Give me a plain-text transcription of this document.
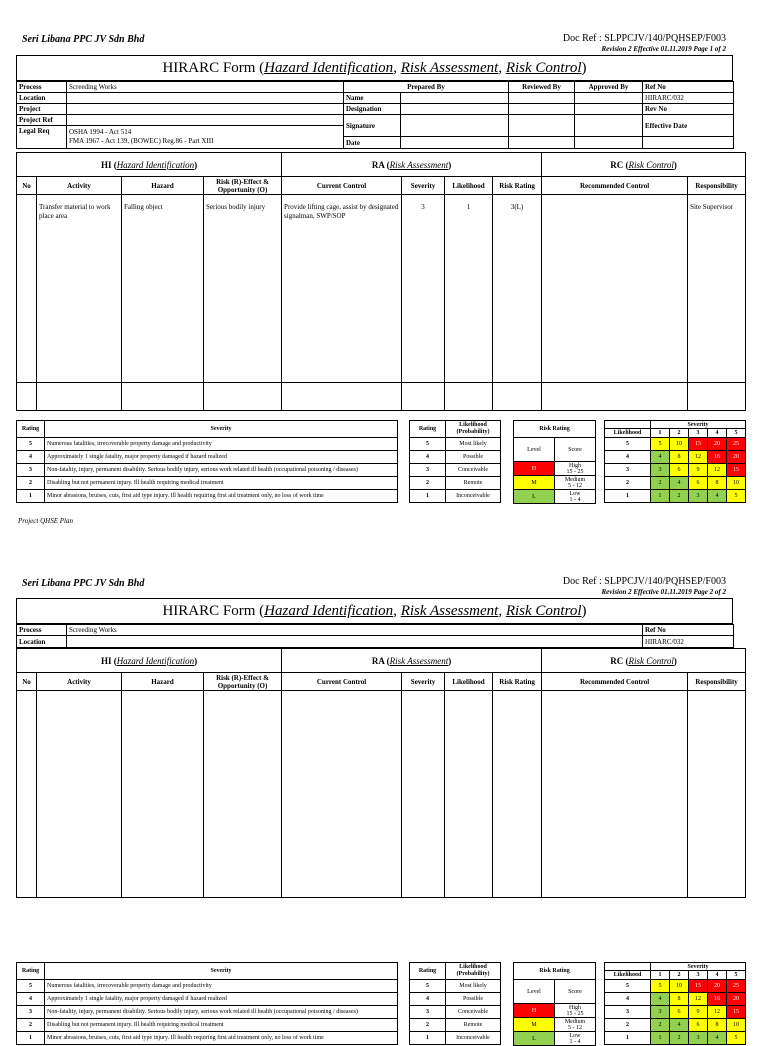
Seri Libana PPC JV Sdn Bhd	Doc Ref : SLPPCJV/140/PQHSEP/F003
Revision 2 Effective 01.11.2019 Page 1 of 2
HIRARC Form (Hazard Identification, Risk Assessment, Risk Control)
Process	Screeding Works	Prepared By		Reviewed By	Approved By	Ref No
Location		Name				HIRARC/032
Project		Designation				Rev No
Project Ref		Signature				Effective Date
Legal Req	OSHA 1994 - Act 514
FMA 1967 - Act 139, (BOWEC) Reg.86 - Part XIII					
		Date				
HI (Hazard Identification)				RA (Risk Assessment)				RC (Risk Control)	
No	Activity	Hazard	Risk (R)-Effect &
Opportunity (O)	Current Control	Severity	Likelihood	Risk Rating	Recommended Control	Responsibility
	Transfer material to work place area	Falling object	Serious bodily injury	Provide lifting cage, assist by designated signalman, SWP/SOP	3	1	3(L)		Site Supervisor

Rating	Severity
5	Numerous fatalities, irrecoverable property damage and productivity
4	Approximately 1 single fatality, major property damaged if hazard realized
3	Non-fatality, injury, permanent disability. Serious bodily injury, serious work related ill health (occupational poisoning / diseases)
2	Disabling but not permanent injury. Ill health requiring medical treatment
1	Minor abrasions, bruises, cuts, first aid type injury. Ill health requiring first aid treatment only, no loss of work time
Rating	Likelihood
(Probability)
5	Most likely
4	Possible
3	Conceivable
2	Remote
1	Inconceivable
Risk Rating	
Level	Score
H	High
15 - 25
M	Medium
5 - 12
L	Low
1 - 4
	Severity				
Likelihood	1	2	3	4	5
5	5	10	15	20	25
4	4	8	12	16	20
3	3	6	9	12	15
2	2	4	6	8	10
1	1	2	3	4	5
Project QHSE Plan
Seri Libana PPC JV Sdn Bhd	Doc Ref : SLPPCJV/140/PQHSEP/F003
Revision 2 Effective 01.11.2019 Page 2 of 2
HIRARC Form (Hazard Identification, Risk Assessment, Risk Control)
Process	Screeding Works	Ref No
Location		HIRARC/032
HI (Hazard Identification)				RA (Risk Assessment)				RC (Risk Control)	
No	Activity	Hazard	Risk (R)-Effect &
Opportunity (O)	Current Control	Severity	Likelihood	Risk Rating	Recommended Control	Responsibility

Rating	Severity
5	Numerous fatalities, irrecoverable property damage and productivity
4	Approximately 1 single fatality, major property damaged if hazard realized
3	Non-fatality, injury, permanent disability. Serious bodily injury, serious work related ill health (occupational poisoning / diseases)
2	Disabling but not permanent injury. Ill health requiring medical treatment
1	Minor abrasions, bruises, cuts, first aid type injury. Ill health requiring first aid treatment only, no loss of work time
Rating	Likelihood
(Probability)
5	Most likely
4	Possible
3	Conceivable
2	Remote
1	Inconceivable
Risk Rating	
Level	Score
H	High
15 - 25
M	Medium
5 - 12
L	Low
1 - 4
	Severity				
Likelihood	1	2	3	4	5
5	5	10	15	20	25
4	4	8	12	16	20
3	3	6	9	12	15
2	2	4	6	8	10
1	1	2	3	4	5
